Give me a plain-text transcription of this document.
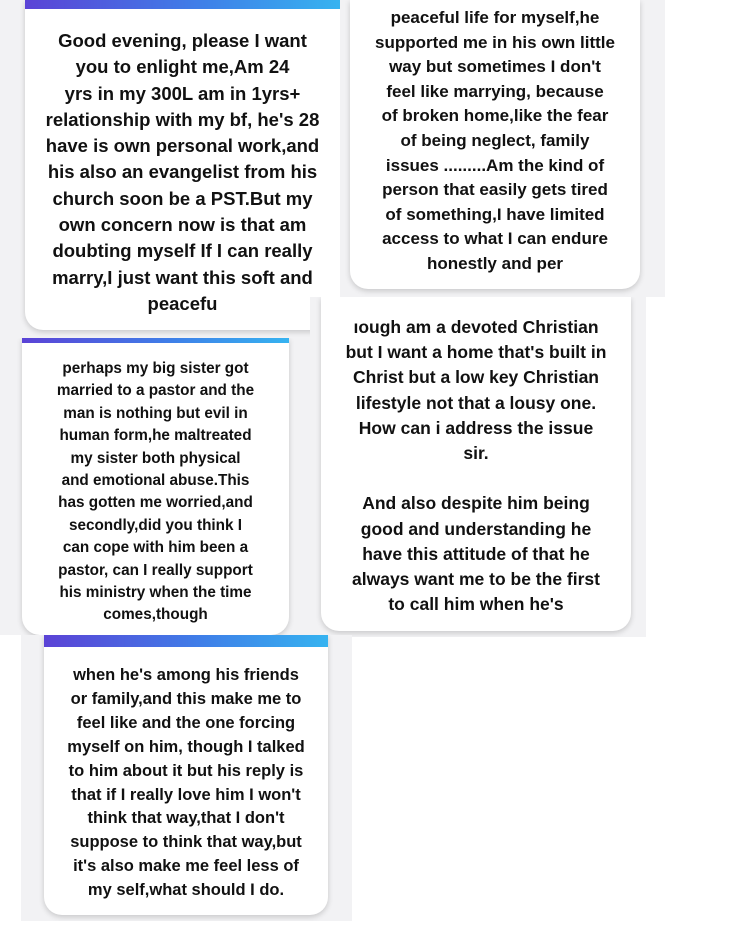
Good evening, please I want
you to enlight me,Am 24
yrs in my 300L am in 1yrs+
relationship with my bf, he's 28
have is own personal work,and
his also an evangelist from his
church soon be a PST.But my
own concern now is that am
doubting myself If I can really
marry,I just want this soft and
peacefu

peaceful life for myself,he
supported me in his own little
way but sometimes I don't
feel like marrying, because
of broken home,like the fear
of being neglect, family
issues .........Am the kind of
person that easily gets tired
of something,I have limited
access to what I can endure
honestly and per

perhaps my big sister got
married to a pastor and the
man is nothing but evil in
human form,he maltreated
my sister both physical
and emotional abuse.This
has gotten me worried,and
secondly,did you think I
can cope with him been a
pastor, can I really support
his ministry when the time
comes,though

ıough am a devoted Christian
but I want a home that's built in
Christ but a low key Christian
lifestyle not that a lousy one.
How can i address the issue
sir.

And also despite him being
good and understanding he
have this attitude of that he
always want me to be the first
to call him when he's

when he's among his friends
or family,and this make me to
feel like and the one forcing
myself on him, though I talked
to him about it but his reply is
that if I really love him I won't
think that way,that I don't
suppose to think that way,but
it's also make me feel less of
my self,what should I do.
